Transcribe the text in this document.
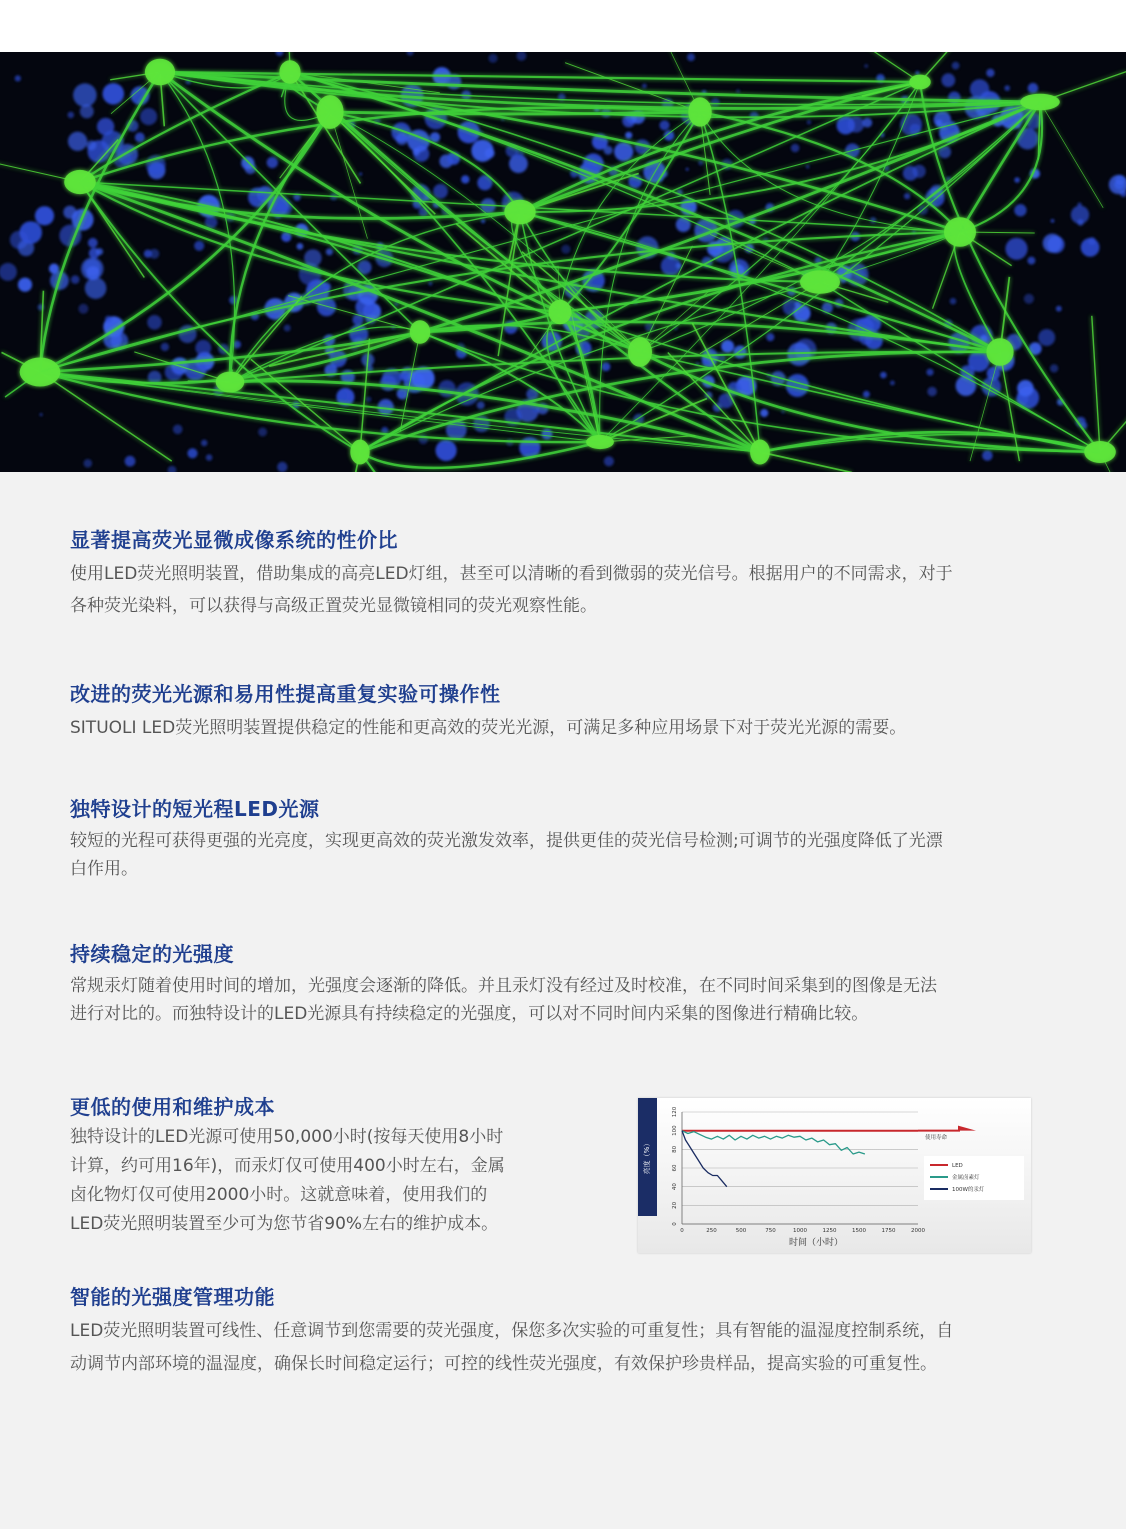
显著提高荧光显微成像系统的性价比

使用LED荧光照明装置，借助集成的高亮LED灯组，甚至可以清晰的看到微弱的荧光信号。根据用户的不同需求，对于
各种荧光染料，可以获得与高级正置荧光显微镜相同的荧光观察性能。

改进的荧光光源和易用性提高重复实验可操作性

SITUOLI LED荧光照明装置提供稳定的性能和更高效的荧光光源，可满足多种应用场景下对于荧光光源的需要。

独特设计的短光程LED光源

较短的光程可获得更强的光亮度，实现更高效的荧光激发效率，提供更佳的荧光信号检测;可调节的光强度降低了光漂
白作用。

持续稳定的光强度

常规汞灯随着使用时间的增加，光强度会逐渐的降低。并且汞灯没有经过及时校准，在不同时间采集到的图像是无法
进行对比的。而独特设计的LED光源具有持续稳定的光强度，可以对不同时间内采集的图像进行精确比较。

更低的使用和维护成本

独特设计的LED光源可使用50,000小时(按每天使用8小时
计算，约可用16年)，而汞灯仅可使用400小时左右，金属
卤化物灯仅可使用2000小时。这就意味着，使用我们的
LED荧光照明装置至少可为您节省90%左右的维护成本。

亮度（%）
0
20
40
60
80
100
120
0	250	500	750	1000	1250	1500	1750	2000
时间（小时）
使用寿命
LED
金属卤素灯
100W的汞灯
智能的光强度管理功能

LED荧光照明装置可线性、任意调节到您需要的荧光强度，保您多次实验的可重复性；具有智能的温湿度控制系统，自
动调节内部环境的温湿度，确保长时间稳定运行；可控的线性荧光强度，有效保护珍贵样品，提高实验的可重复性。
